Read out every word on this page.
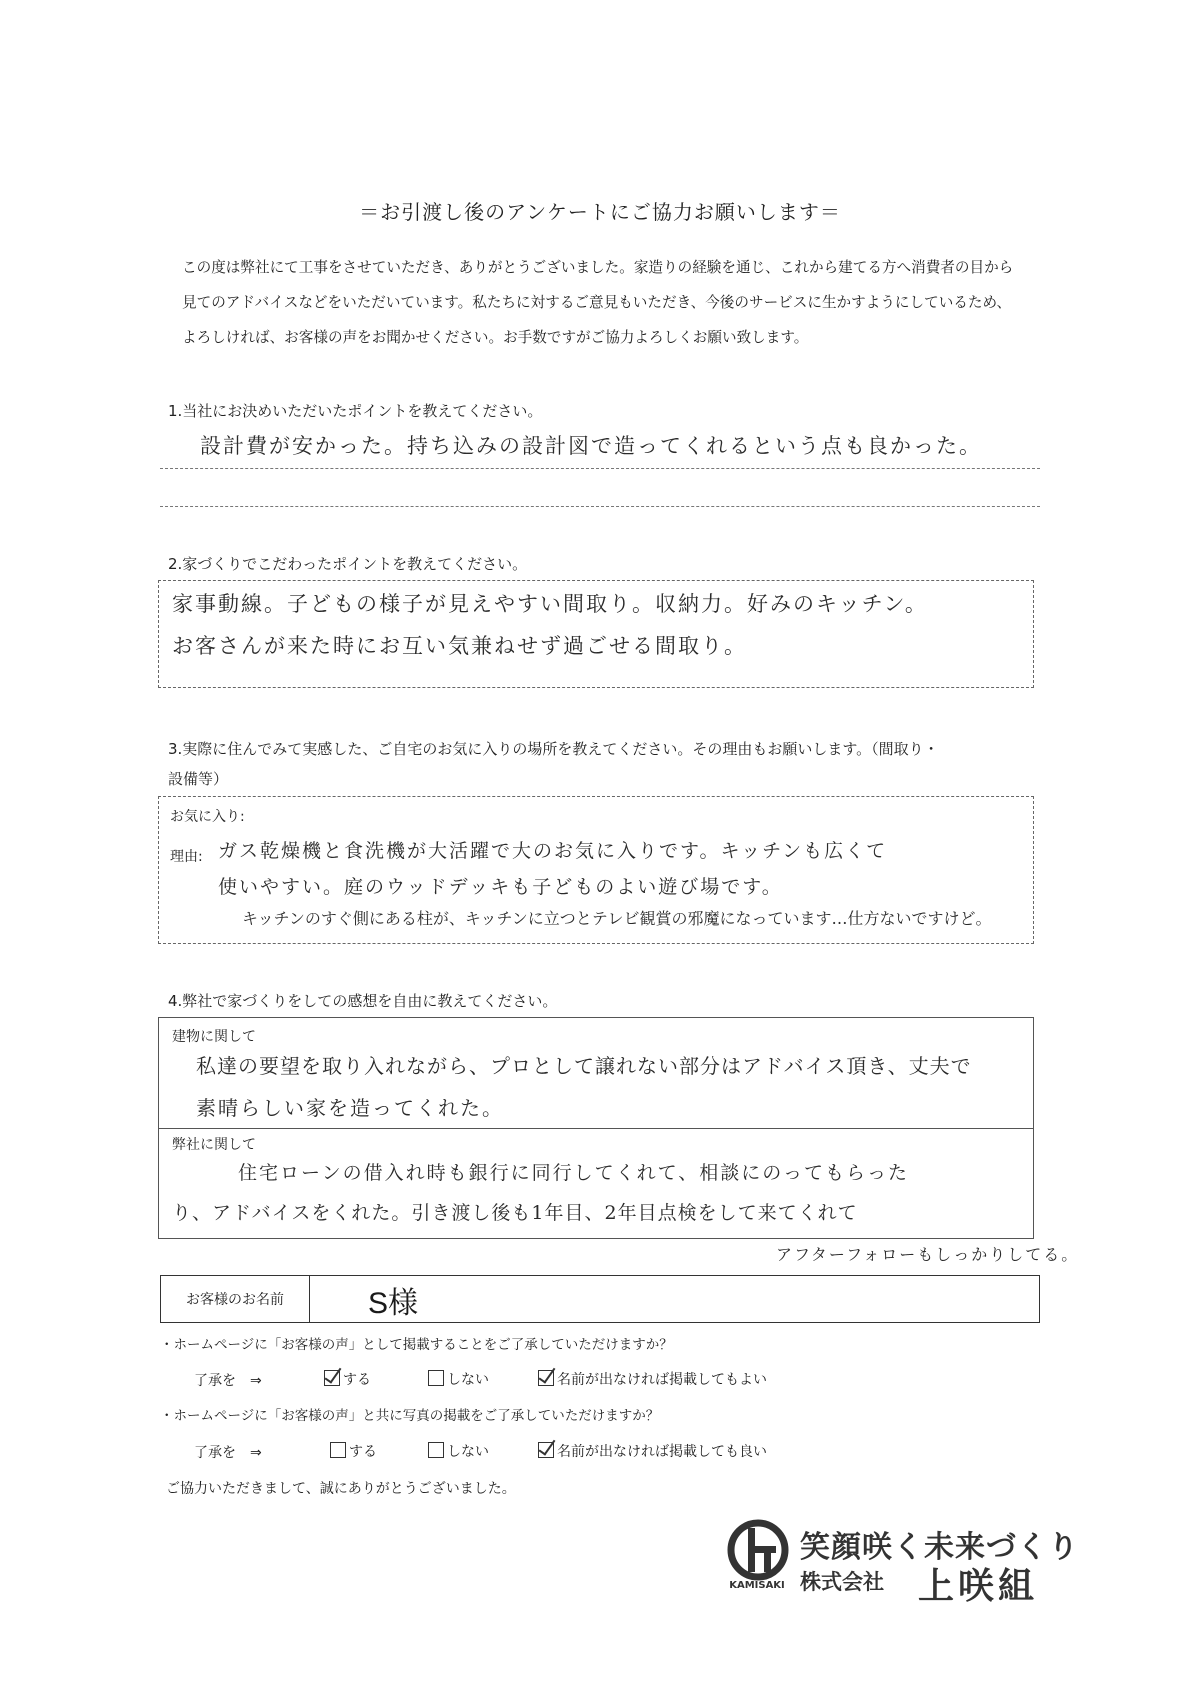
＝お引渡し後のアンケートにご協力お願いします＝
この度は弊社にて工事をさせていただき、ありがとうございました。家造りの経験を通じ、これから建てる方へ消費者の目から見てのアドバイスなどをいただいています。私たちに対するご意見もいただき、今後のサービスに生かすようにしているため、よろしければ、お客様の声をお聞かせください。お手数ですがご協力よろしくお願い致します。
1.当社にお決めいただいたポイントを教えてください。
設計費が安かった。持ち込みの設計図で造ってくれるという点も良かった。
2.家づくりでこだわったポイントを教えてください。
家事動線。子どもの様子が見えやすい間取り。収納力。好みのキッチン。
お客さんが来た時にお互い気兼ねせず過ごせる間取り。
3.実際に住んでみて実感した、ご自宅のお気に入りの場所を教えてください。その理由もお願いします。（間取り・
設備等）
お気に入り:
理由: ガス乾燥機と食洗機が大活躍で大のお気に入りです。キッチンも広くて
使いやすい。庭のウッドデッキも子どものよい遊び場です。
キッチンのすぐ側にある柱が、キッチンに立つとテレビ観賞の邪魔になっています…仕方ないですけど。
4.弊社で家づくりをしての感想を自由に教えてください。
建物に関して
私達の要望を取り入れながら、プロとして譲れない部分はアドバイス頂き、丈夫で
素晴らしい家を造ってくれた。
弊社に関して
住宅ローンの借入れ時も銀行に同行してくれて、相談にのってもらった
り、アドバイスをくれた。引き渡し後も1年目、2年目点検をして来てくれて
アフターフォローもしっかりしてる。
お客様のお名前	S様
・ホームページに「お客様の声」として掲載することをご了承していただけますか？
了承を　⇒	する	しない	名前が出なければ掲載してもよい
・ホームページに「お客様の声」と共に写真の掲載をご了承していただけますか？
了承を　⇒	する	しない	名前が出なければ掲載しても良い
ご協力いただきまして、誠にありがとうございました。
KAMISAKI
笑顔咲く未来づくり
株式会社 上咲組
